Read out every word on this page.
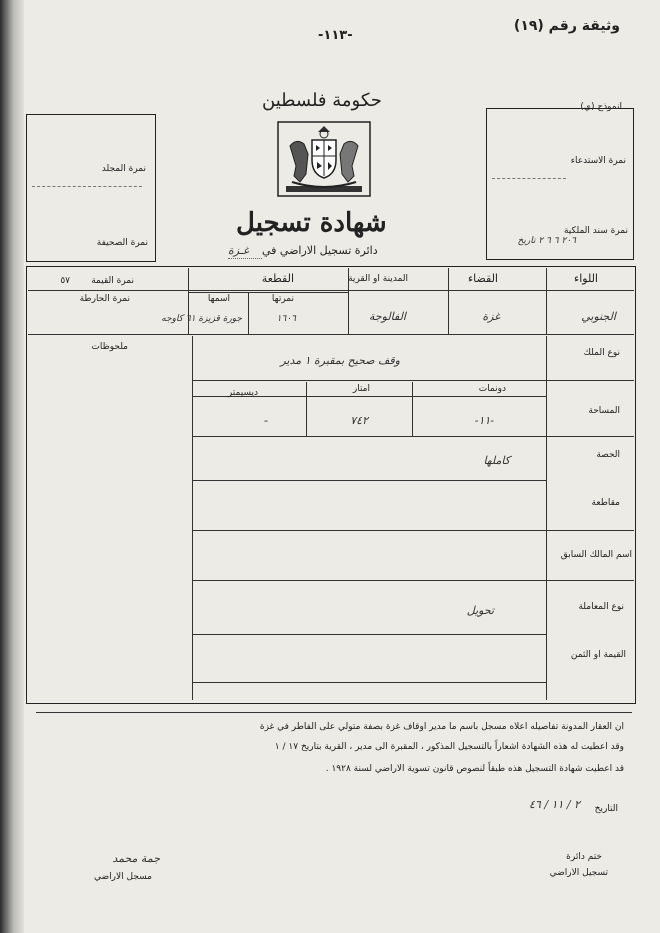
وثيقة رقم (١٩)
-١١٣-
انموذج (ي)
حكومة فلسطين
شهادة تسجيل
دائرة تسجيل الاراضي في
غـزة
نمرة المجلد
نمرة الصحيفة
نمرة الاستدعاء
نمرة سند الملكية
٢٠٦ ٦ ٦ ٢ تاريخ
اللواء
القضاء
المدينة او القرية
القطعة
نمرتها
اسمها
نمرة القيمة
٥٧
نمرة الحارطة
الجنوبي
غزة
الفالوجة
١٦٠٦
جورة قزيزة ٦١ كاوجه
نوع الملك
المساحة
الحصة
مقاطعة
اسم المالك السابق
نوع المعاملة
القيمة او الثمن
ملحوظات
وقف صحيح بمقبرة ١ مدير
دونمات
امتار
ديسيمتر
-١١-
٧٤٢
-
كاملها
تحويل
ان العقار المدونة تفاصيله اعلاه مسجل باسم ما مدير اوقاف غزة بصفة متولي على الفاطر في غزة
وقد اعطيت له هذه الشهادة اشعاراً بالتسجيل المذكور ، المقبرة الى مدير ، القرية بتاريخ ١٧ / ١
قد اعطيت شهادة التسجيل هذه طبقاً لنصوص قانون تسوية الاراضي لسنة ١٩٢٨ .
التاريخ
٢ / ١١ / ٤٦
ختم دائرة
تسجيل الاراضي
جمة محمد
مسجل الاراضي
